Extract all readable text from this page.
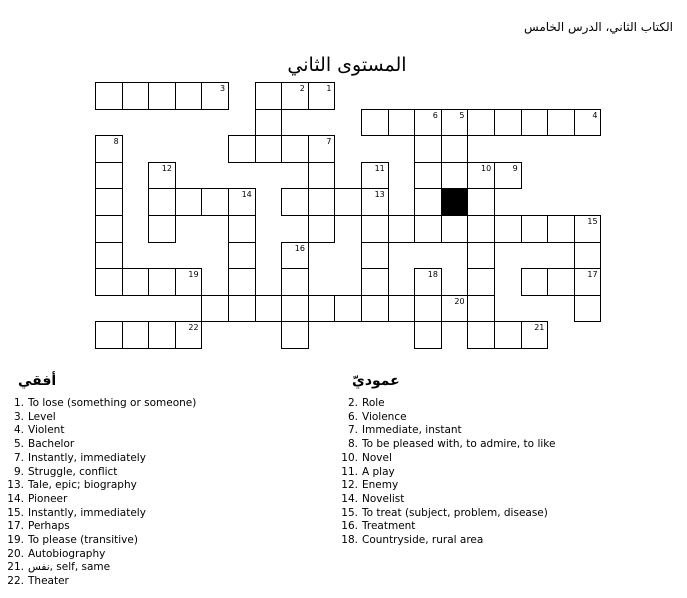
الكتاب الثاني، الدرس الخامس
المستوى الثاني
1
2
3
4
5
6
7
8
9
10
11
12
13
14
15
16
17
18
19
20
21
22
أفقي
1. To lose (something or someone)
3. Level
4. Violent
5. Bachelor
7. Instantly, immediately
9. Struggle, conflict
13. Tale, epic; biography
14. Pioneer
15. Instantly, immediately
17. Perhaps
19. To please (transitive)
20. Autobiography
21. نفس, self, same
22. Theater
عموديّ
2. Role
6. Violence
7. Immediate, instant
8. To be pleased with, to admire, to like
10. Novel
11. A play
12. Enemy
14. Novelist
15. To treat (subject, problem, disease)
16. Treatment
18. Countryside, rural area
